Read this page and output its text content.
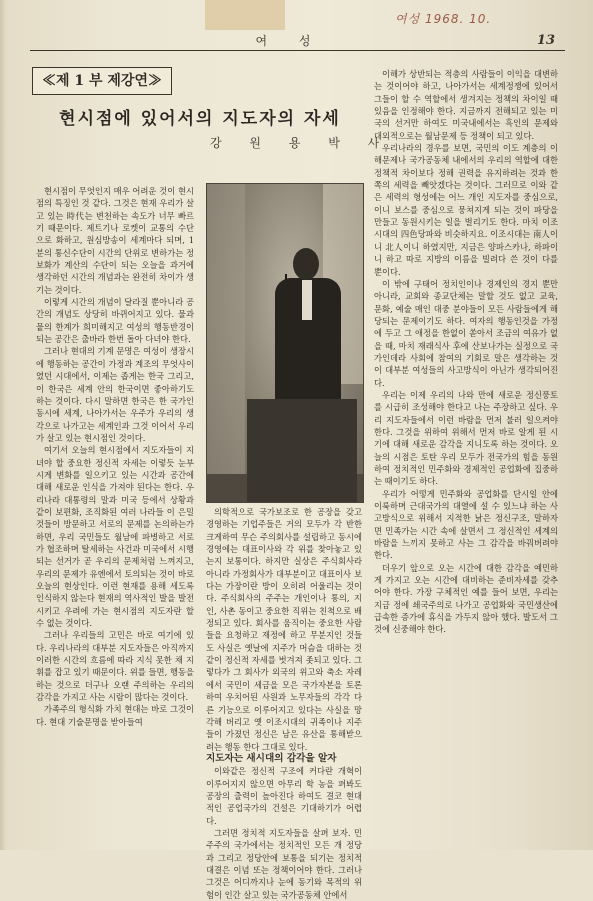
여성 1968. 10.
여 성	13
≪제 1 부 제강연≫
현시점에 있어서의 지도자의 자세
강 원 용 박 사

현시점이 무엇인지 매우 어려운 것이 현시점의 특징인 것 같다. 그것은 현재 우리가 살고 있는 時代는 변천하는 속도가 너무 빠르기 때문이다. 제트기나 로켓이 교통의 수단으로 화하고, 원심방송이 세계마다 되며, 1분의 통신수단이 시간의 단위로 변하가는 정보화가 계산의 수단이 되는 오늘을 과거에 생각하던 시간의 개념과는 완전히 차이가 생기는 것이다.

이렇게 시간의 개념이 달라질 뿐아니라 공간의 개념도 상당히 바뀌어지고 있다. 물과 뭍의 한계가 희미해지고 여성의 행동반경이 되는 공간은 출바라 한번 돌아 다녀야 한다.

그러나 현대의 기계 문명은 여성이 생장시에 행동하는 공간이 가정과 계조의 무엇사이였던 시대에서, 이제는 좁게는 한국 그리고, 이 한국은 세계 안의 한국이면 좋아하기도 하는 것이다. 다시 말하면 한국은 한 국가인 동시에 세계, 나아가서는 우주가 우리의 생각으로 나가고는 세계인과 그것 이어서 우리가 살고 있는 현시점인 것이다.

여기서 오늘의 현시점에서 지도자들이 지녀야 할 중요한 정신적 자세는 이렇듯 눈부시게 변화를 일으키고 있는 시간과 공간에 대해 새로운 인식을 가져야 된다는 한다. 우리나라 대통령의 말과 미국 등에서 상황과 같이 보편화, 조직화된 여러 나라들 이 은밀 것들이 방문하고 서로의 문제를 논의하는가 하면, 우리 국민들도 월남에 파병하고 서로가 협조하며 탈세하는 사건과 미국에서 시행되는 선거가 곧 우리의 문제처럼 느껴지고, 우리의 문제가 유엔에서 토의되는 것이 바로 오늘의 현상인다. 이런 현재를 용해 세도록 인식하지 않는다 현재의 역사적인 발을 발전시키고 우려에 가는 현시점의 지도자란 할 수 없는 것이다.

그러나 우리들의 고민은 바로 여기에 있다. 우리나라의 대부분 지도자들은 아직까지 이러한 시간의 흐름에 따라 지식 못한 채 지휘를 잡고 있기 때문이다. 위를 들면, 행동을 하는 것으로 더구나 오랜 주의하는 우리의 감각을 가지고 사는 시람이 많다는 것이다.

가족주의 형식화 가치 현대는 바로 그것이다. 현대 기술문명을 받아들여

의학적으로 국가보조로 한 공장을 갖고 경영하는 기업주들은 거의 모두가 각 반한 크게하여 무슨 주의회사를 설립하고 동시에 경영에는 대표이사와 각 위를 찾아놓고 있는지 보통이다. 하지만 실상은 주식회사라 아니라 가정회사가 대부분이고 대표이사 보다는 가장이란 방이 오히려 어울리는 것이다. 주식회사의 주주는 개인이나 통의, 지인, 사촌 동이고 중요한 직위는 친척으로 배정되고 있다. 회사를 움직이는 중요한 사람들을 요청하고 재정에 하고 무분지인 것들도 사실은 옛날에 지주가 머슴을 대하는 것 같이 정신적 자세를 벗겨져 좃되고 있다. 그렇다가 그 회사가 외국의 위고와 축소 자레에서 국민이 세금을 모은 국가자본을 토론하여 우치어된 사원과 노무자들의 각각 다른 기능으로 이루어지고 있다는 사실을 망각해 버리고 옛 이조시대의 귀족이나 지주들이 가졌던 정신은 남은 유산을 통해받으려는 행동 한다 그대로 있다.

지도자는 새시대의 감각을 알자

이와같은 정신적 구조에 커다란 개혁이 이루어지지 않으면 아무리 학 농을 펴봐도 공장의 출력이 높아진다 하여도 결코 현대적인 공업국가의 건설은 기대하기가 어렵다.

그러면 정치적 지도자들을 살펴 보자. 민주주의 국가에서는 정치적인 모든 개 정당과 그리고 정당안에 보통을 되기는 정치적 대결은 이념 또는 정책이어야 한다. 그러나 그것은 어디까지나 눈에 동기와 목적의 위험이 인간 살고 있는 국가공동체 안에서

이해가 상반되는 적층의 사람들이 이익을 대변하는 것이어야 하고, 나아가서는 세계정쟁에 있어서 그들이 할 수 역할에서 생겨지는 정책의 차이일 때 있음을 인정해야 한다. 지금까지 전해되고 있는 미국의 선거만 하여도 미국내에서는 흑인의 문제와 대외적으로는 월남문제 등 정책이 되고 있다.

우리나라의 경우를 보면, 국민의 이도 계층의 이해문제나 국가공동체 내에서의 우리의 역할에 대한 정책적 차이보다 정해 권력을 유지하려는 것과 한쪽의 세력을 빼앗겠다는 것이다. 그러므로 이와 같은 세력의 형성에는 어느 개인 지도자를 중심으로, 이니 보스를 중심으로 뭉쳐지게 되는 것이 파당을 만들고 동원시키는 일을 벌리기도 한다. 마치 이조시대의 四色당파와 비슷하지요. 이조시대는 南人이니 北人이니 하였지만, 지금은 양파스카나, 하파이니 하고 따로 지방의 이름을 빌려다 쓴 것이 다를 뿐이다.

이 밖에 구태어 정치인이나 경제인의 경지 뿐만 아니라, 교회와 종교단체는 말할 것도 없고 교육, 문화, 예술 매인 대중 분야들이 모든 사람들에게 해당되는 문제이기도 하다. 여자의 행동인것을 가정에 두고 그 애정을 한없이 쏟아서 조금의 여유가 없을 때, 마치 재래식사 후에 산보나가는 실정으로 국가인데라 사회에 참여의 기회로 말은 생각하는 것이 대부분 여성들의 사고방식이 아닌가 생각되어진다.

우리는 이제 우리의 나와 만에 새로운 정신풍토를 시급히 조성해야 한다고 나는 주장하고 싶다. 우리 지도자들에서 이런 바람을 먼저 불러 일으켜야 한다. 그것을 위하여 위해서 먼저 바로 알게 된 시기에 대해 새로운 감각을 지니도록 하는 것이다. 오늘의 시점은 토탄 우리 모두가 전국가의 힘을 동원하여 정치적인 민주화와 경제적인 공업화에 집중하는 때이기도 하다.

우리가 어떻게 민주화와 공업화를 단시일 안에 이룩하며 근대국가의 대열에 설 수 있느냐 하는 사고방식으로 위해서 지적한 낡은 정신구조, 말하자면 민족가는 시간 속에 살면서 그 정신적인 세계의 바람을 느끼지 못하고 사는 그 감각을 바꿔버려야 한다.

더우기 앞으로 오는 시간에 대한 감각을 예민하게 가지고 오는 시간에 대비하는 준비자세를 갖추어야 한다. 가장 구체적인 예를 들어 보면, 우리는 지금 정에 쇄국주의로 나가고 공업화와 국민생산에 급속한 증가에 휴식을 가두지 않아 했다. 발도서 그것에 신중해야 한다.
